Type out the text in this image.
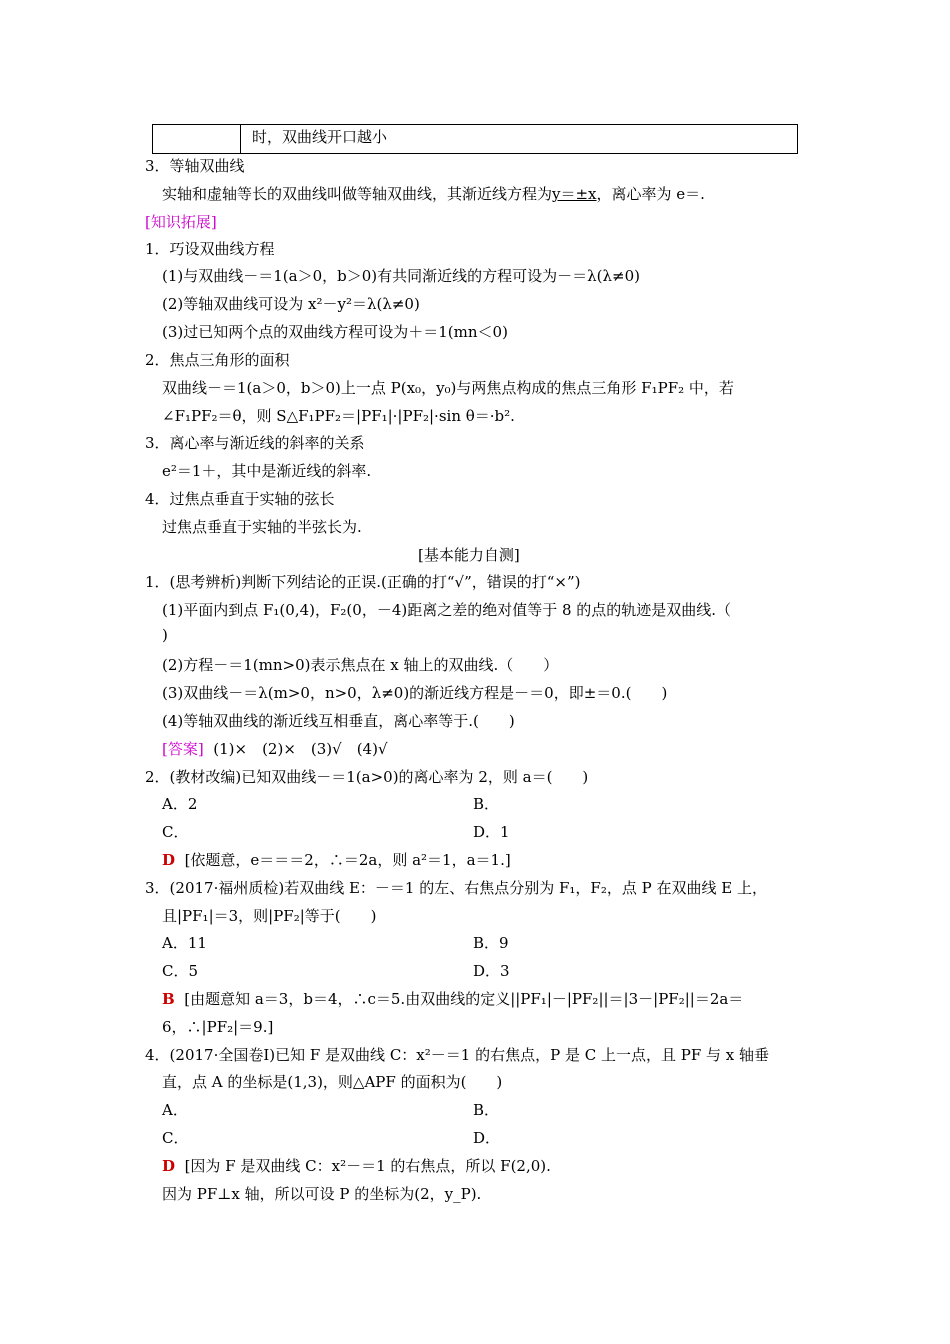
时，双曲线开口越小
3．等轴双曲线
实轴和虚轴等长的双曲线叫做等轴双曲线，其渐近线方程为y＝±x，离心率为 e＝.
[知识拓展]
1．巧设双曲线方程
(1)与双曲线－＝1(a＞0，b＞0)有共同渐近线的方程可设为－＝λ(λ≠0)
(2)等轴双曲线可设为 x²－y²＝λ(λ≠0)
(3)过已知两个点的双曲线方程可设为＋＝1(mn＜0)
2．焦点三角形的面积
双曲线－＝1(a＞0，b＞0)上一点 P(x₀，y₀)与两焦点构成的焦点三角形 F₁PF₂ 中，若
∠F₁PF₂＝θ，则 S△F₁PF₂＝|PF₁|·|PF₂|·sin θ＝·b².
3．离心率与渐近线的斜率的关系
e²＝1＋，其中是渐近线的斜率.
4．过焦点垂直于实轴的弦长
过焦点垂直于实轴的半弦长为.
[基本能力自测]
1．(思考辨析)判断下列结论的正误.(正确的打“√”，错误的打“×”)
(1)平面内到点 F₁(0,4)，F₂(0，－4)距离之差的绝对值等于 8 的点的轨迹是双曲线.（
)
(2)方程－＝1(mn>0)表示焦点在 x 轴上的双曲线.（　　）
(3)双曲线－＝λ(m>0，n>0，λ≠0)的渐近线方程是－＝0，即±＝0.(　　)
(4)等轴双曲线的渐近线互相垂直，离心率等于.(　　)
[答案] (1)×　(2)×　(3)√　(4)√
2．(教材改编)已知双曲线－＝1(a>0)的离心率为 2，则 a＝(　　)
A．2	B．
C．	D．1
D [依题意，e＝＝＝2，∴＝2a，则 a²＝1，a＝1.]
3．(2017·福州质检)若双曲线 E：－＝1 的左、右焦点分别为 F₁，F₂，点 P 在双曲线 E 上，
且|PF₁|＝3，则|PF₂|等于(　　)
A．11	B．9
C．5	D．3
B [由题意知 a＝3，b＝4，∴c＝5.由双曲线的定义||PF₁|－|PF₂||＝|3－|PF₂||＝2a＝
6，∴|PF₂|＝9.]
4．(2017·全国卷Ⅰ)已知 F 是双曲线 C：x²－＝1 的右焦点，P 是 C 上一点，且 PF 与 x 轴垂
直，点 A 的坐标是(1,3)，则△APF 的面积为(　　)
A．	B．
C．	D．
D [因为 F 是双曲线 C：x²－＝1 的右焦点，所以 F(2,0).
因为 PF⊥x 轴，所以可设 P 的坐标为(2，y_P).
